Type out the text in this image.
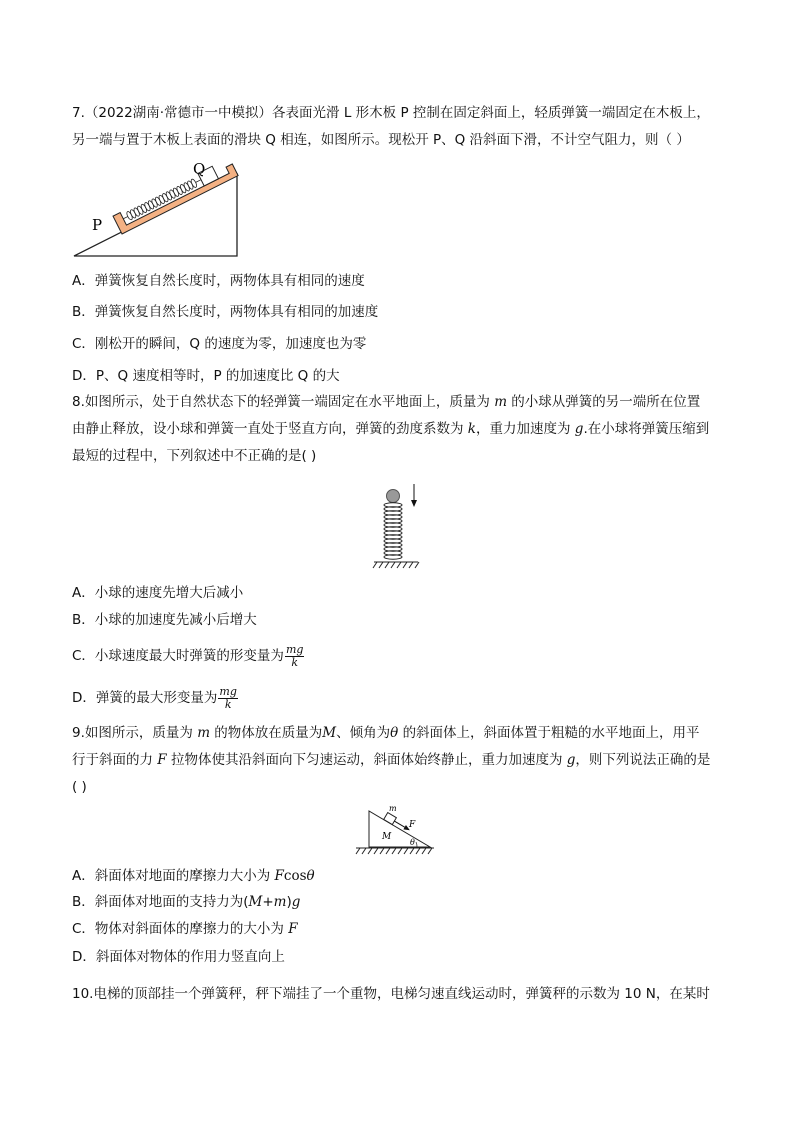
7.（2022湖南·常德市一中模拟）各表面光滑 L 形木板 P 控制在固定斜面上，轻质弹簧一端固定在木板上，
另一端与置于木板上表面的滑块 Q 相连，如图所示。现松开 P、Q 沿斜面下滑，不计空气阻力，则（ ）
P
Q
A．弹簧恢复自然长度时，两物体具有相同的速度
B．弹簧恢复自然长度时，两物体具有相同的加速度
C．刚松开的瞬间，Q 的速度为零，加速度也为零
D．P、Q 速度相等时，P 的加速度比 Q 的大
8.如图所示，处于自然状态下的轻弹簧一端固定在水平地面上，质量为 m 的小球从弹簧的另一端所在位置
由静止释放，设小球和弹簧一直处于竖直方向，弹簧的劲度系数为 k，重力加速度为 g.在小球将弹簧压缩到
最短的过程中，下列叙述中不正确的是( )
A．小球的速度先增大后减小
B．小球的加速度先减小后增大
C．小球速度最大时弹簧的形变量为 $\frac{mg}{k}$
D．弹簧的最大形变量为 $\frac{mg}{k}$
9.如图所示，质量为 m 的物体放在质量为M、倾角为θ 的斜面体上，斜面体置于粗糙的水平地面上，用平
行于斜面的力 F 拉物体使其沿斜面向下匀速运动，斜面体始终静止，重力加速度为 g，则下列说法正确的是
( )
m
F
M
θ
A．斜面体对地面的摩擦力大小为 Fcosθ
B．斜面体对地面的支持力为(M+m)g
C．物体对斜面体的摩擦力的大小为 F
D．斜面体对物体的作用力竖直向上
10.电梯的顶部挂一个弹簧秤，秤下端挂了一个重物，电梯匀速直线运动时，弹簧秤的示数为 10 N，在某时
